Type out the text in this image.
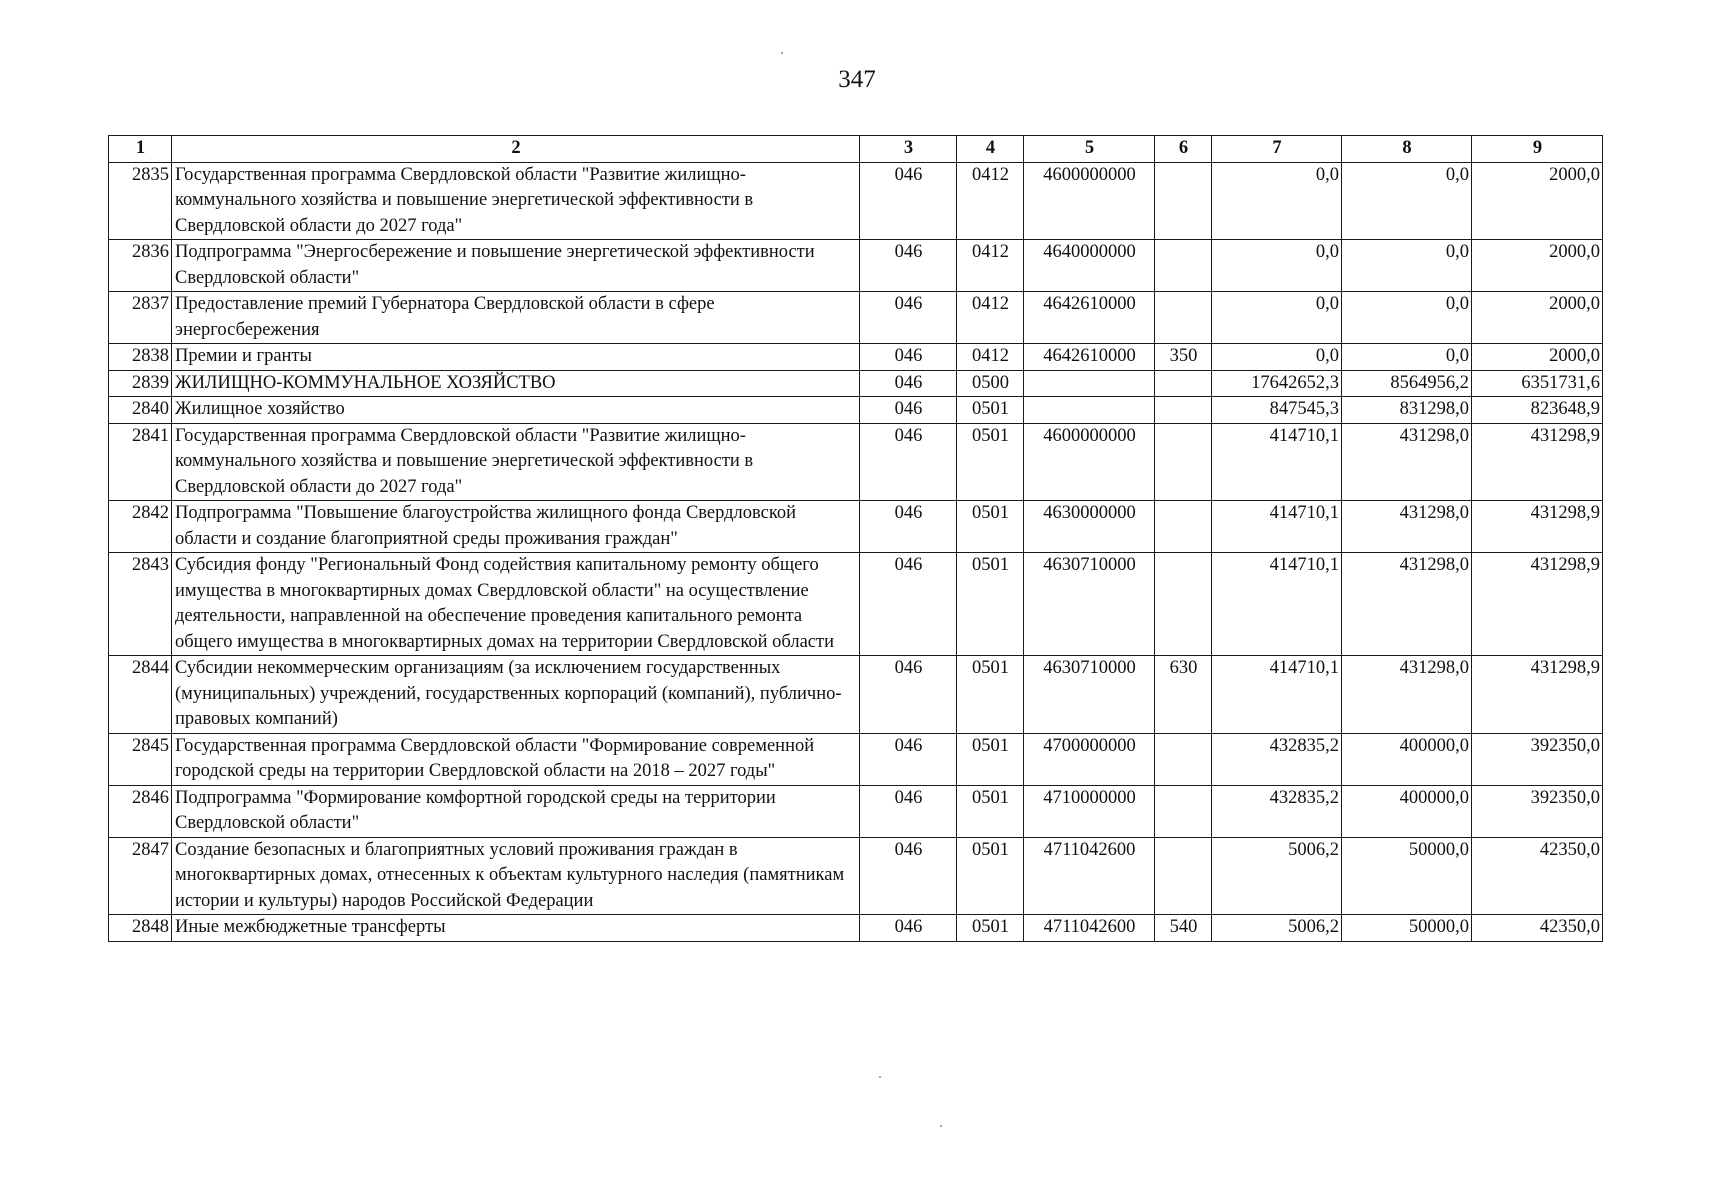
347
1	2	3	4	5	6	7	8	9
2835	Государственная программа Свердловской области "Развитие жилищно-коммунального хозяйства и повышение энергетической эффективности в Свердловской области до 2027 года"	046	0412	4600000000		0,0	0,0	2000,0
2836	Подпрограмма "Энергосбережение и повышение энергетической эффективности Свердловской области"	046	0412	4640000000		0,0	0,0	2000,0
2837	Предоставление премий Губернатора Свердловской области в сфере энергосбережения	046	0412	4642610000		0,0	0,0	2000,0
2838	Премии и гранты	046	0412	4642610000	350	0,0	0,0	2000,0
2839	ЖИЛИЩНО-КОММУНАЛЬНОЕ ХОЗЯЙСТВО	046	0500			17642652,3	8564956,2	6351731,6
2840	Жилищное хозяйство	046	0501			847545,3	831298,0	823648,9
2841	Государственная программа Свердловской области "Развитие жилищно-коммунального хозяйства и повышение энергетической эффективности в Свердловской области до 2027 года"	046	0501	4600000000		414710,1	431298,0	431298,9
2842	Подпрограмма "Повышение благоустройства жилищного фонда Свердловской области и создание благоприятной среды проживания граждан"	046	0501	4630000000		414710,1	431298,0	431298,9
2843	Субсидия фонду "Региональный Фонд содействия капитальному ремонту общего имущества в многоквартирных домах Свердловской области" на осуществление деятельности, направленной на обеспечение проведения капитального ремонта общего имущества в многоквартирных домах на территории Свердловской области	046	0501	4630710000		414710,1	431298,0	431298,9
2844	Субсидии некоммерческим организациям (за исключением государственных (муниципальных) учреждений, государственных корпораций (компаний), публично-правовых компаний)	046	0501	4630710000	630	414710,1	431298,0	431298,9
2845	Государственная программа Свердловской области "Формирование современной городской среды на территории Свердловской области на 2018 – 2027 годы"	046	0501	4700000000		432835,2	400000,0	392350,0
2846	Подпрограмма "Формирование комфортной городской среды на территории Свердловской области"	046	0501	4710000000		432835,2	400000,0	392350,0
2847	Создание безопасных и благоприятных условий проживания граждан в многоквартирных домах, отнесенных к объектам культурного наследия (памятникам истории и культуры) народов Российской Федерации	046	0501	4711042600		5006,2	50000,0	42350,0
2848	Иные межбюджетные трансферты	046	0501	4711042600	540	5006,2	50000,0	42350,0
